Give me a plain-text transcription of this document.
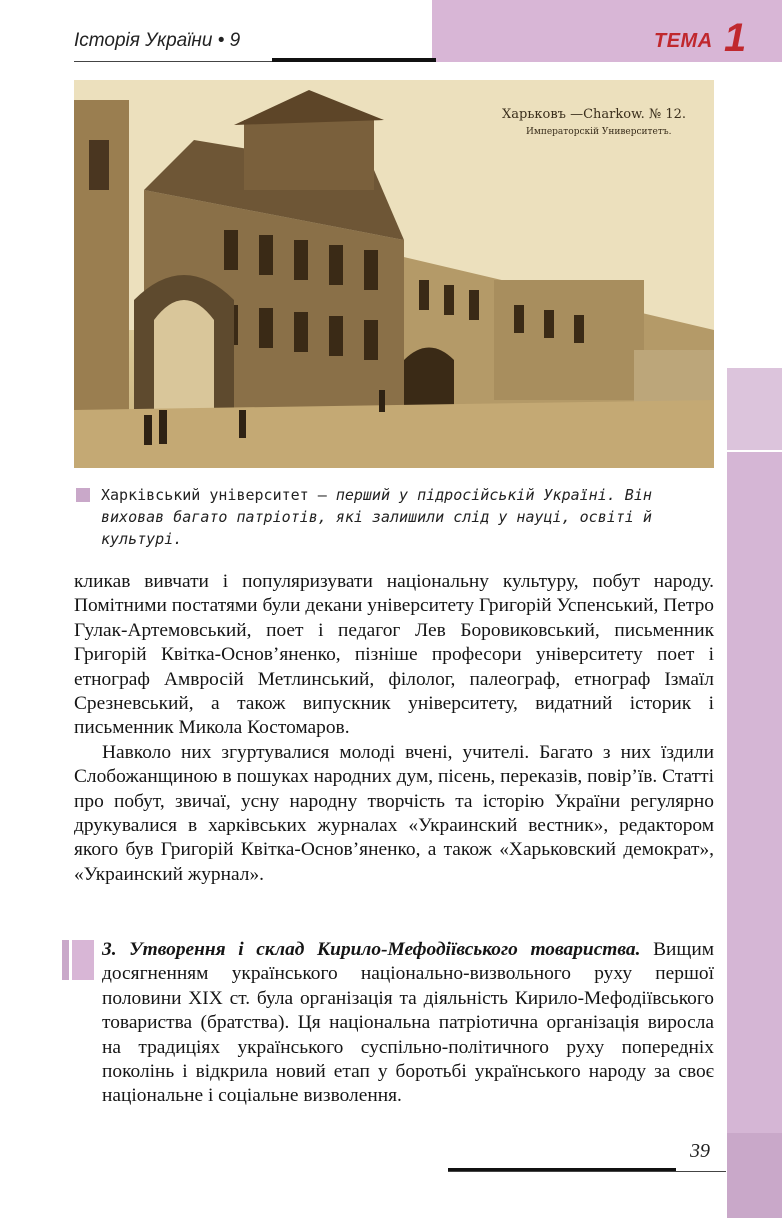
Історія України • 9	ТЕМА 1
Харьковъ —Charkow. № 12.
Императорскій Университетъ.
Харківський університет – перший у підросійській Україні. Він виховав багато патріотів, які залишили слід у науці, освіті й культурі.

кликав вивчати і популяризувати національну культуру, побут народу. Помітними постатями були декани університету Григорій Успенський, Петро Гулак-Артемовський, поет і педагог Лев Боровиковський, письменник Григорій Квітка-Основ’яненко, пізніше професори університету поет і етнограф Амвросій Метлинський, філолог, палеограф, етнограф Ізмаїл Срезневський, а також випускник університету, видатний історик і письменник Микола Костомаров.

Навколо них згуртувалися молоді вчені, учителі. Багато з них їздили Слобожанщиною в пошуках народних дум, пісень, переказів, повір’їв. Статті про побут, звичаї, усну народну творчість та історію України регулярно друкувалися в харківських журналах «Украинский вестник», редактором якого був Григорій Квітка-Основ’яненко, а також «Харьковский демократ», «Украинский журнал».

3. Утворення і склад Кирило-Мефодіївського товариства. Вищим досягненням українського національно-визвольного руху першої половини ХІХ ст. була організація та діяльність Кирило-Мефодіївського товариства (братства). Ця національна патріотична організація виросла на традиціях українського суспільно-політичного руху попередніх поколінь і відкрила новий етап у боротьбі українського народу за своє національне і соціальне визволення.
39
